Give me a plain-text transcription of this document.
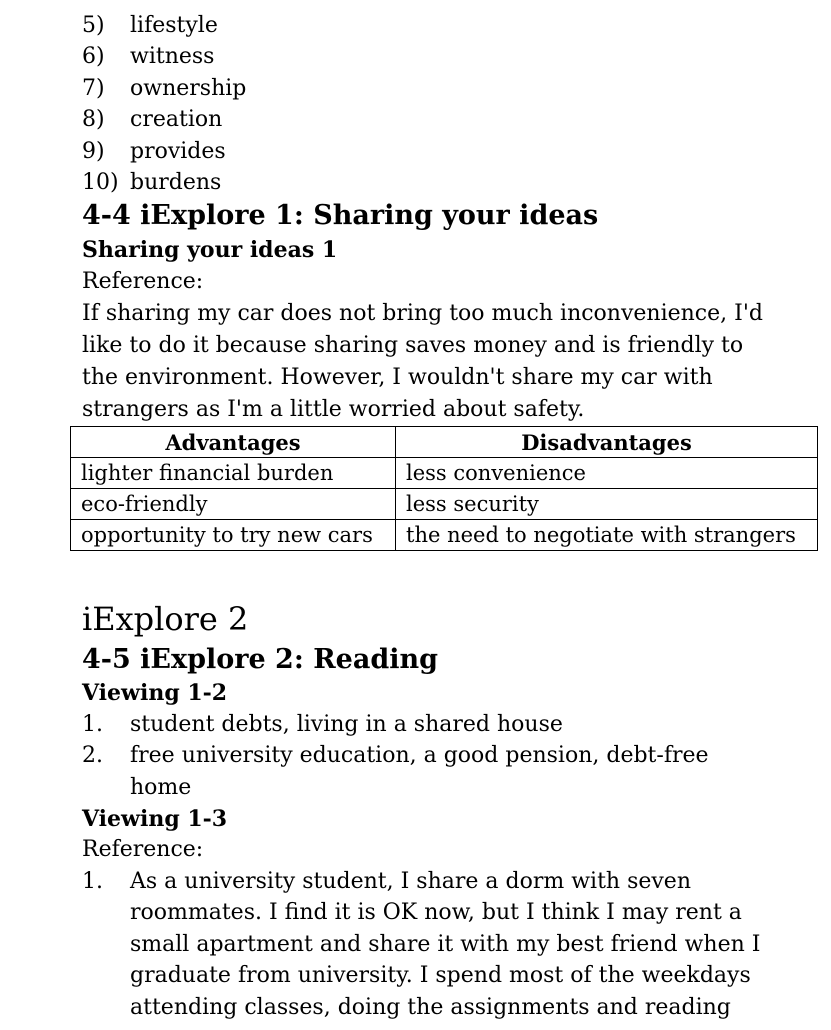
5) lifestyle
6) witness
7) ownership
8) creation
9) provides
10) burdens
4-4 iExplore 1: Sharing your ideas
Sharing your ideas 1
Reference:
If sharing my car does not bring too much inconvenience, I'd
like to do it because sharing saves money and is friendly to
the environment. However, I wouldn't share my car with
strangers as I'm a little worried about safety.
Advantages	Disadvantages
lighter financial burden	less convenience
eco-friendly	less security
opportunity to try new cars	the need to negotiate with strangers
iExplore 2
4-5 iExplore 2: Reading
Viewing 1-2
1. student debts, living in a shared house
2. free university education, a good pension, debt-free
home
Viewing 1-3
Reference:
1. As a university student, I share a dorm with seven
roommates. I find it is OK now, but I think I may rent a
small apartment and share it with my best friend when I
graduate from university. I spend most of the weekdays
attending classes, doing the assignments and reading
